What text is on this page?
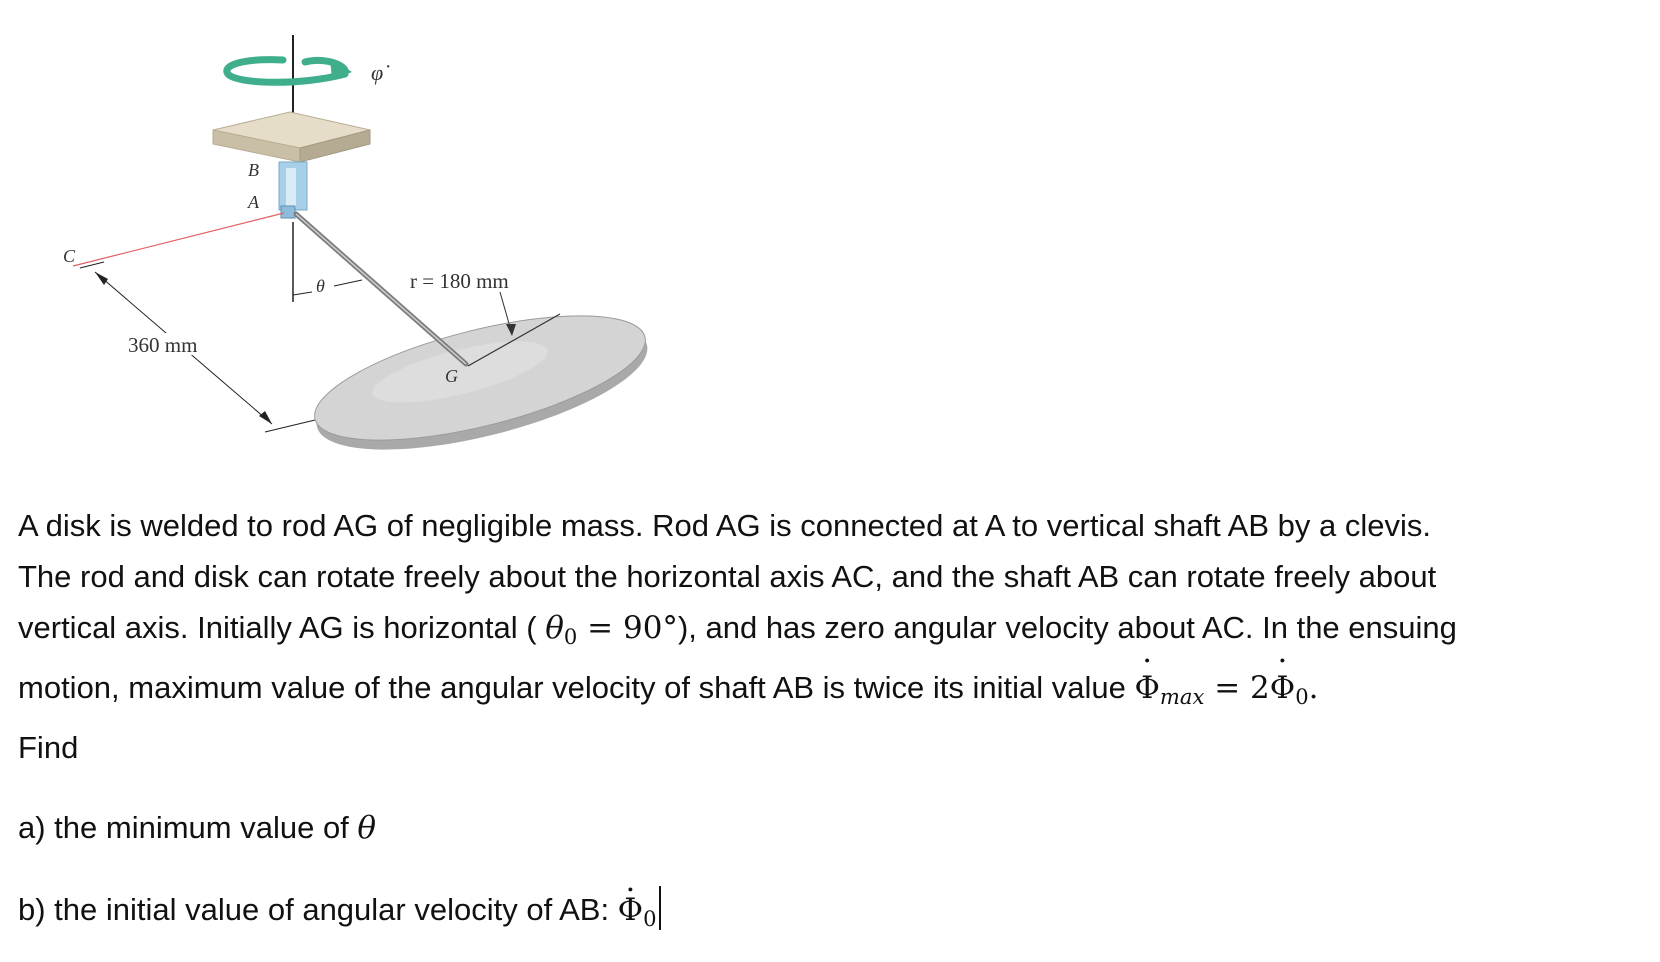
φ̇
B
A
C
θ
360 mm
r = 180 mm
G

A disk is welded to rod AG of negligible mass. Rod AG is connected at A to vertical shaft AB by a clevis.

The rod and disk can rotate freely about the horizontal axis AC, and the shaft AB can rotate freely about

vertical axis. Initially AG is horizontal ( $\theta_0 = 90^\circ$), and has zero angular velocity about AC. In the ensuing

motion, maximum value of the angular velocity of shaft AB is twice its initial value · $\Phi_{max} = 2\cdot \Phi_0$.

Find

a) the minimum value of θ

b) the initial value of angular velocity of AB: · $\Phi_0$
